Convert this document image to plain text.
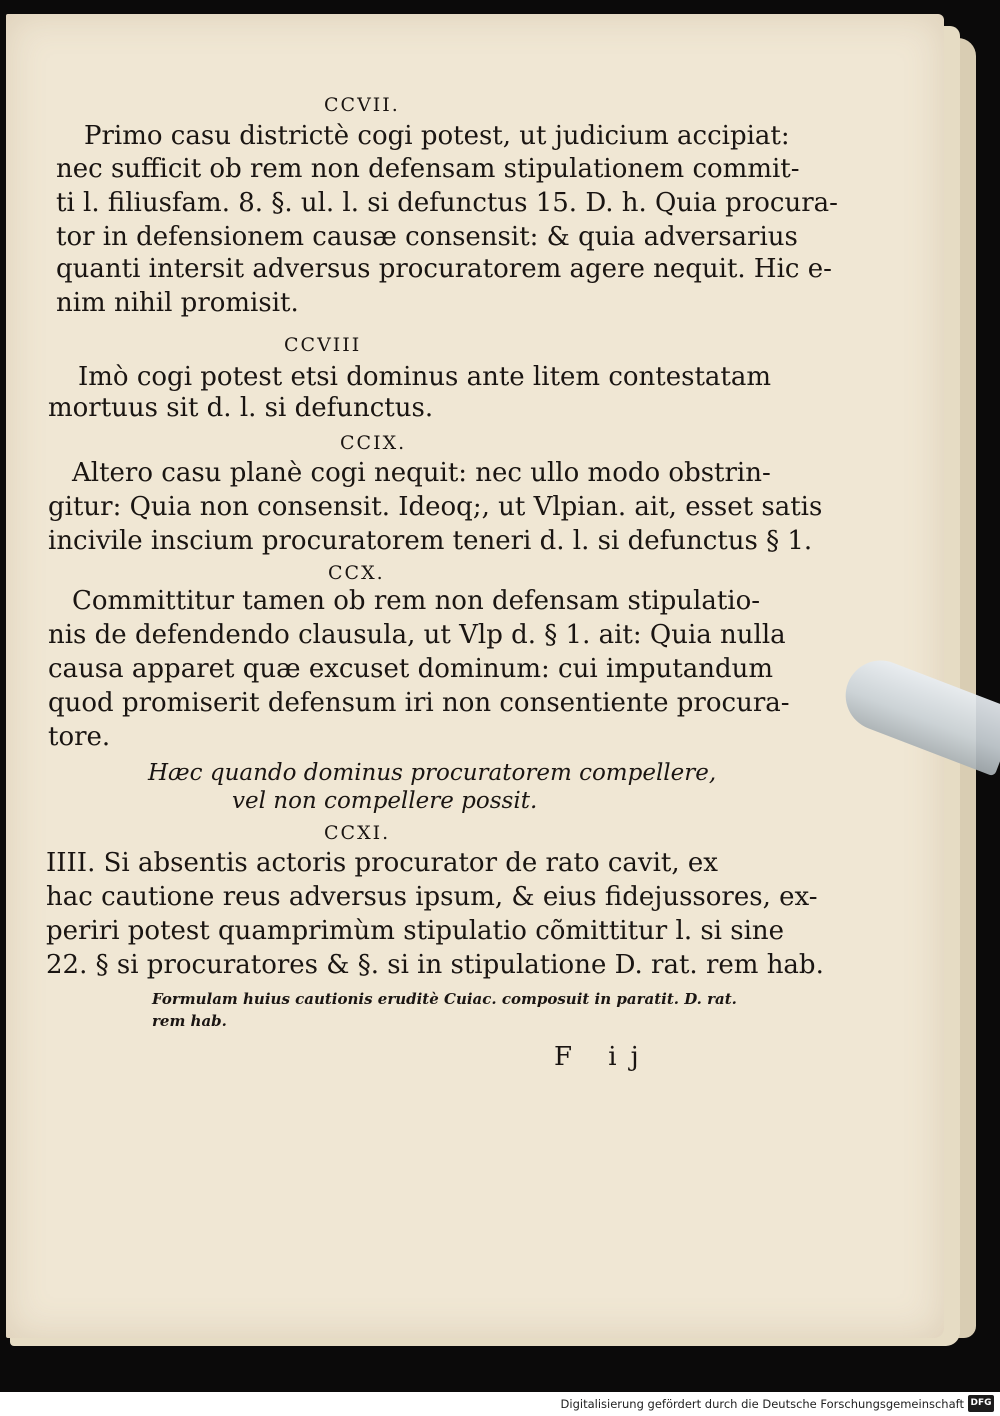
CCVII.

Primo casu districtè cogi potest, ut judicium accipiat:

nec sufficit ob rem non defensam stipulationem commit-

ti l. filiusfam. 8. §. ul. l. si defunctus 15. D. h. Quia procura-

tor in defensionem causæ consensit: & quia adversarius

quanti intersit adversus procuratorem agere nequit. Hic e-

nim nihil promisit.

CCVIII

Imò cogi potest etsi dominus ante litem contestatam

mortuus sit d. l. si defunctus.

CCIX.

Altero casu planè cogi nequit: nec ullo modo obstrin-

gitur: Quia non consensit. Ideoq;, ut Vlpian. ait, esset satis

incivile inscium procuratorem teneri d. l. si defunctus § 1.

CCX.

Committitur tamen ob rem non defensam stipulatio-

nis de defendendo clausula, ut Vlp d. § 1. ait: Quia nulla

causa apparet quæ excuset dominum: cui imputandum

quod promiserit defensum iri non consentiente procura-

tore.

Hæc quando dominus procuratorem compellere,

vel non compellere possit.

CCXI.

IIII. Si absentis actoris procurator de rato cavit, ex

hac cautione reus adversus ipsum, & eius fidejussores, ex-

periri potest quamprimùm stipulatio cõmittitur l. si sine

22. § si procuratores & §. si in stipulatione D. rat. rem hab.

Formulam huius cautionis eruditè Cuiac. composuit in paratit. D. rat.

rem hab.

F ij
Digitalisierung gefördert durch die Deutsche Forschungsgemeinschaft DFG
